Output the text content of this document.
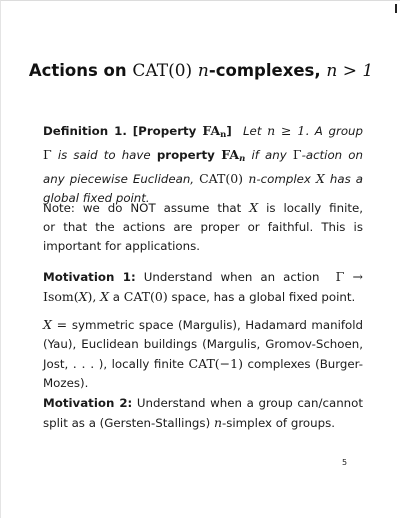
Actions on CAT(0) n-complexes, n > 1
Definition 1. [Property $FA_n$] Let n ≥ 1. A group
Γ is said to have property $FA_n$ if any Γ-action on
any piecewise Euclidean, CAT(0) n-complex X has a
global fixed point.
Note: we do NOT assume that X is locally finite,
or that the actions are proper or faithful. This is
important for applications.
Motivation 1: Understand when an action  Γ →
Isom(X), X a CAT(0) space, has a global fixed point.
X = symmetric space (Margulis), Hadamard manifold
(Yau), Euclidean buildings (Margulis, Gromov-Schoen,
Jost, . . . ), locally finite CAT(−1) complexes (Burger-
Mozes).
Motivation 2: Understand when a group can/cannot
split as a (Gersten-Stallings) n-simplex of groups.
5
